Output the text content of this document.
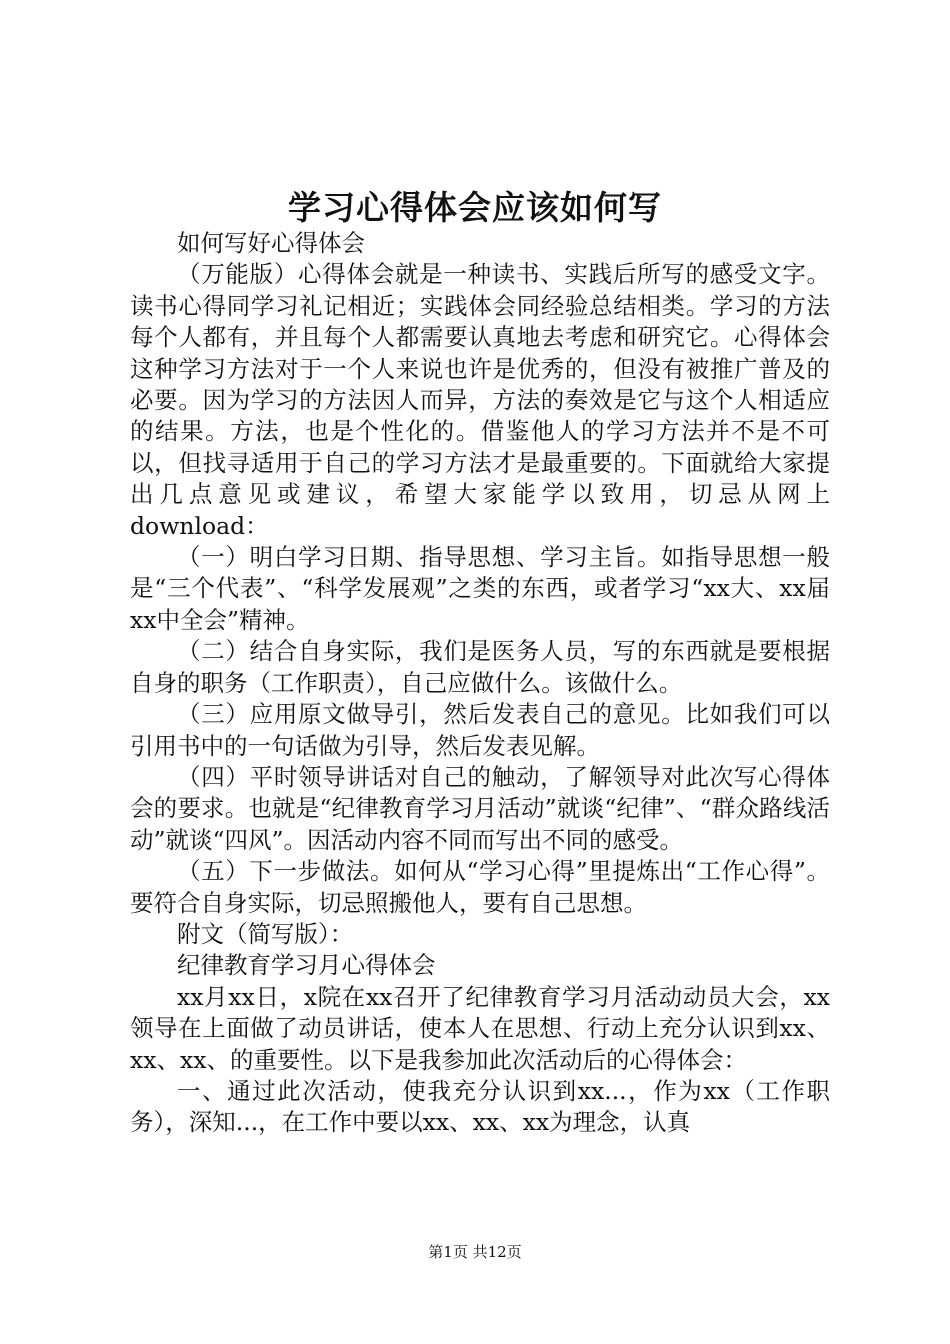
学习心得体会应该如何写

如何写好心得体会

（万能版）心得体会就是一种读书、实践后所写的感受文字。读书心得同学习礼记相近；实践体会同经验总结相类。学习的方法每个人都有，并且每个人都需要认真地去考虑和研究它。心得体会这种学习方法对于一个人来说也许是优秀的，但没有被推广普及的必要。因为学习的方法因人而异，方法的奏效是它与这个人相适应的结果。方法，也是个性化的。借鉴他人的学习方法并不是不可以，但找寻适用于自己的学习方法才是最重要的。下面就给大家提出几点意见或建议，希望大家能学以致用，切忌从网上download：

（一）明白学习日期、指导思想、学习主旨。如指导思想一般是“三个代表”、“科学发展观”之类的东西，或者学习“xx大、xx届xx中全会”精神。

（二）结合自身实际，我们是医务人员，写的东西就是要根据自身的职务（工作职责），自己应做什么。该做什么。

（三）应用原文做导引，然后发表自己的意见。比如我们可以引用书中的一句话做为引导，然后发表见解。

（四）平时领导讲话对自己的触动，了解领导对此次写心得体会的要求。也就是“纪律教育学习月活动”就谈“纪律”、“群众路线活动”就谈“四风”。因活动内容不同而写出不同的感受。

（五）下一步做法。如何从“学习心得”里提炼出“工作心得”。要符合自身实际，切忌照搬他人，要有自己思想。

附文（简写版）：

纪律教育学习月心得体会

xx月xx日，x院在xx召开了纪律教育学习月活动动员大会，xx领导在上面做了动员讲话，使本人在思想、行动上充分认识到xx、xx、xx、的重要性。以下是我参加此次活动后的心得体会：

一、通过此次活动，使我充分认识到xx...，作为xx（工作职务），深知...，在工作中要以xx、xx、xx为理念，认真

第1页 共12页
